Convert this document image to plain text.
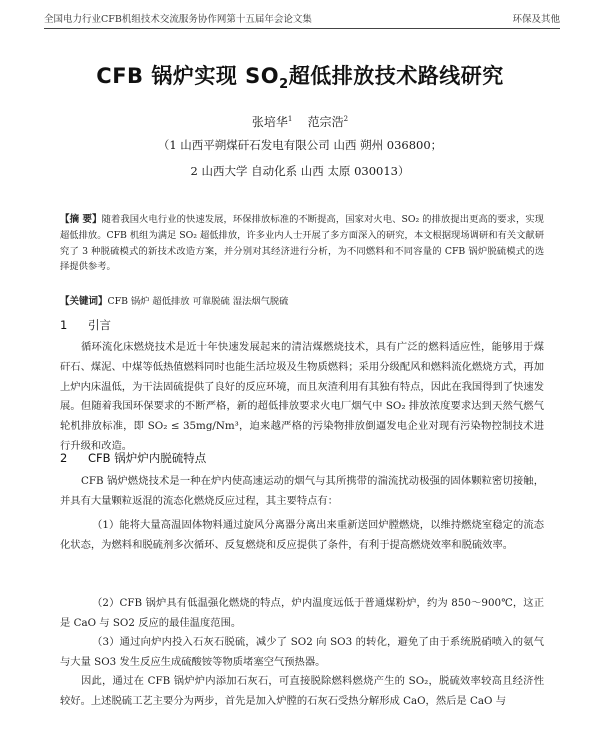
全国电力行业CFB机组技术交流服务协作网第十五届年会论文集	环保及其他
CFB 锅炉实现 $SO_2$超低排放技术路线研究
张培华$^1$ 范宗浩$^2$
（1 山西平朔煤矸石发电有限公司 山西 朔州 036800；
2 山西大学 自动化系 山西 太原 030013）
【摘 要】随着我国火电行业的快速发展，环保排放标准的不断提高，国家对火电、SO₂ 的排放提出更高的要求，实现超低排放。CFB 机组为满足 SO₂ 超低排放，许多业内人士开展了多方面深入的研究，本文根据现场调研和有关文献研究了 3 种脱硫模式的新技术改造方案，并分别对其经济进行分析，为不同燃料和不同容量的 CFB 锅炉脱硫模式的选择提供参考。
【关键词】CFB 锅炉 超低排放 可靠脱硫 湿法烟气脱硫
1 引言
循环流化床燃烧技术是近十年快速发展起来的清洁煤燃烧技术，具有广泛的燃料适应性，能够用于煤矸石、煤泥、中煤等低热值燃料同时也能生活垃圾及生物质燃料；采用分级配风和燃料流化燃烧方式，再加上炉内床温低，为干法固硫提供了良好的反应环境，而且灰渣利用有其独有特点，因此在我国得到了快速发展。但随着我国环保要求的不断严格，新的超低排放要求火电厂烟气中 SO₂ 排放浓度要求达到天然气燃气轮机排放标准，即 SO₂ ≤ 35mg/Nm³，迫来越严格的污染物排放倒逼发电企业对现有污染物控制技术进行升级和改造。
2 CFB 锅炉炉内脱硫特点
CFB 锅炉燃烧技术是一种在炉内使高速运动的烟气与其所携带的湍流扰动极强的固体颗粒密切接触，并具有大量颗粒返混的流态化燃烧反应过程，其主要特点有：
（1）能将大量高温固体物料通过旋风分离器分离出来重新送回炉膛燃烧，以维持燃烧室稳定的流态化状态，为燃料和脱硫剂多次循环、反复燃烧和反应提供了条件，有利于提高燃烧效率和脱硫效率。
（2）CFB 锅炉具有低温强化燃烧的特点，炉内温度远低于普通煤粉炉，约为 850～900℃，这正是 CaO 与 SO2 反应的最佳温度范围。
（3）通过向炉内投入石灰石脱硫，减少了 SO2 向 SO3 的转化，避免了由于系统脱硝喷入的氨气与大量 SO3 发生反应生成硫酸铵等物质堵塞空气预热器。
因此，通过在 CFB 锅炉炉内添加石灰石，可直接脱除燃料燃烧产生的 SO₂，脱硫效率较高且经济性较好。上述脱硫工艺主要分为两步，首先是加入炉膛的石灰石受热分解形成 CaO，然后是 CaO 与
